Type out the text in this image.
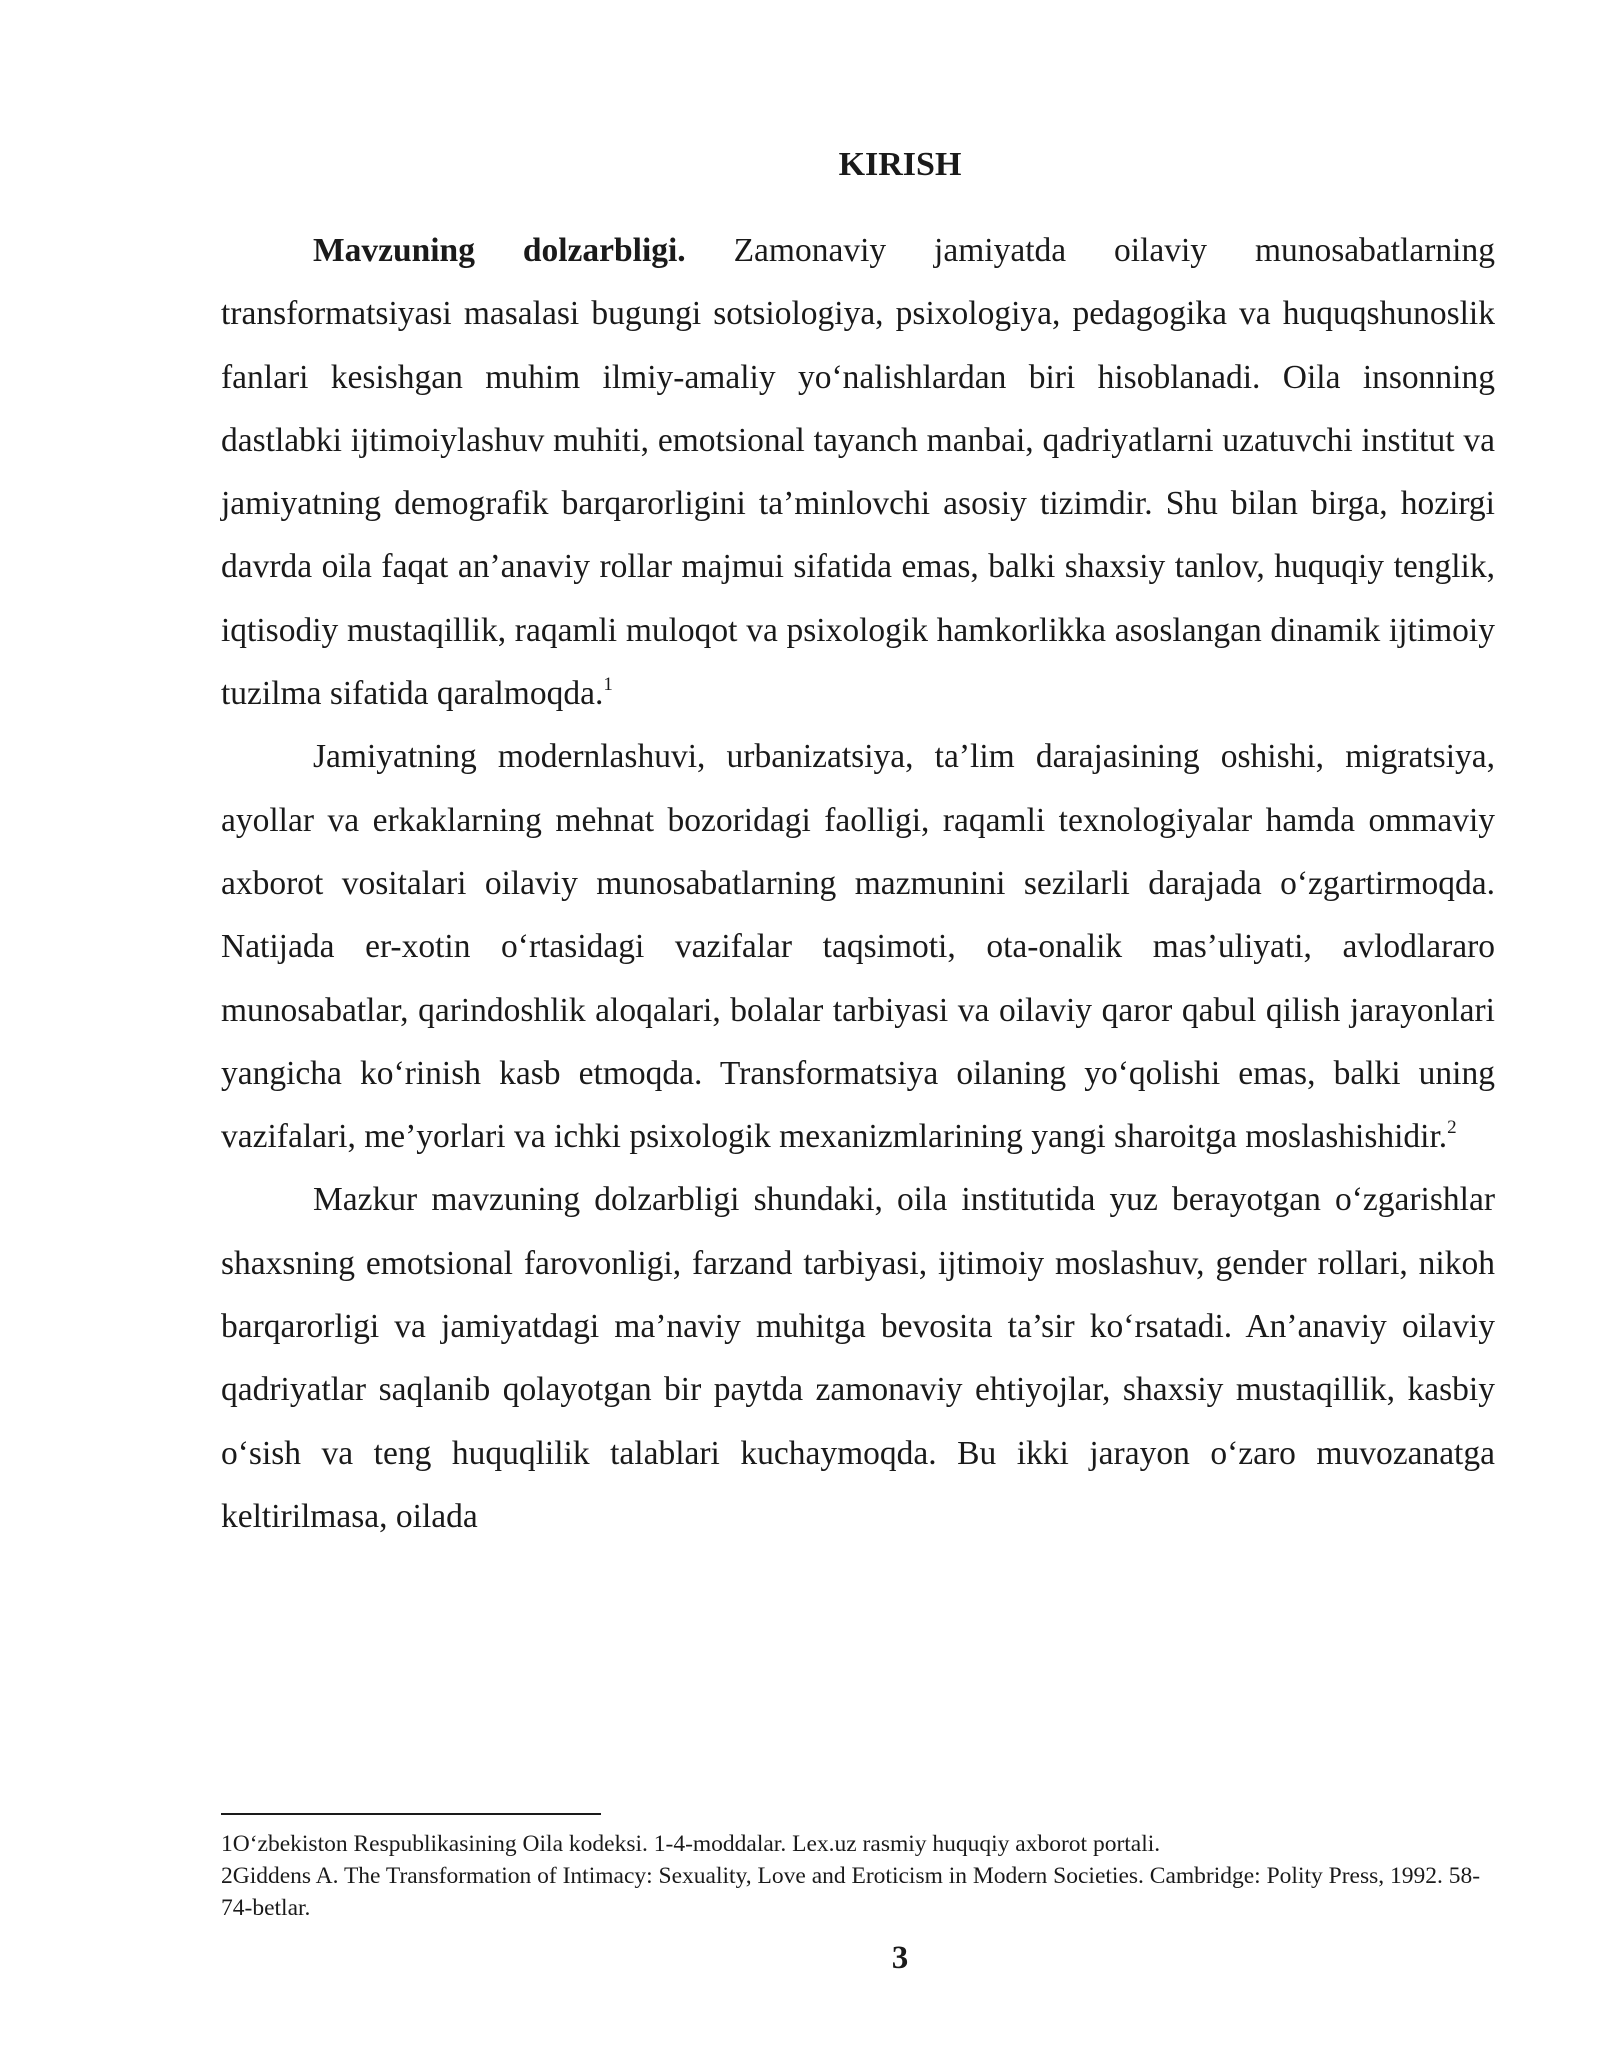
KIRISH

Mavzuning dolzarbligi. Zamonaviy jamiyatda oilaviy munosabatlarning transformatsiyasi masalasi bugungi sotsiologiya, psixologiya, pedagogika va huquqshunoslik fanlari kesishgan muhim ilmiy-amaliy yo‘nalishlardan biri hisoblanadi. Oila insonning dastlabki ijtimoiylashuv muhiti, emotsional tayanch manbai, qadriyatlarni uzatuvchi institut va jamiyatning demografik barqarorligini ta’minlovchi asosiy tizimdir. Shu bilan birga, hozirgi davrda oila faqat an’anaviy rollar majmui sifatida emas, balki shaxsiy tanlov, huquqiy tenglik, iqtisodiy mustaqillik, raqamli muloqot va psixologik hamkorlikka asoslangan dinamik ijtimoiy tuzilma sifatida qaralmoqda.$^1$

Jamiyatning modernlashuvi, urbanizatsiya, ta’lim darajasining oshishi, migratsiya, ayollar va erkaklarning mehnat bozoridagi faolligi, raqamli texnologiyalar hamda ommaviy axborot vositalari oilaviy munosabatlarning mazmunini sezilarli darajada o‘zgartirmoqda. Natijada er-xotin o‘rtasidagi vazifalar taqsimoti, ota-onalik mas’uliyati, avlodlararo munosabatlar, qarindoshlik aloqalari, bolalar tarbiyasi va oilaviy qaror qabul qilish jarayonlari yangicha ko‘rinish kasb etmoqda. Transformatsiya oilaning yo‘qolishi emas, balki uning vazifalari, me’yorlari va ichki psixologik mexanizmlarining yangi sharoitga moslashishidir.$^2$

Mazkur mavzuning dolzarbligi shundaki, oila institutida yuz berayotgan o‘zgarishlar shaxsning emotsional farovonligi, farzand tarbiyasi, ijtimoiy moslashuv, gender rollari, nikoh barqarorligi va jamiyatdagi ma’naviy muhitga bevosita ta’sir ko‘rsatadi. An’anaviy oilaviy qadriyatlar saqlanib qolayotgan bir paytda zamonaviy ehtiyojlar, shaxsiy mustaqillik, kasbiy o‘sish va teng huquqlilik talablari kuchaymoqda. Bu ikki jarayon o‘zaro muvozanatga keltirilmasa, oilada

1O‘zbekiston Respublikasining Oila kodeksi. 1-4-moddalar. Lex.uz rasmiy huquqiy axborot portali.

2Giddens A. The Transformation of Intimacy: Sexuality, Love and Eroticism in Modern Societies. Cambridge: Polity Press, 1992. 58-74-betlar.

3
